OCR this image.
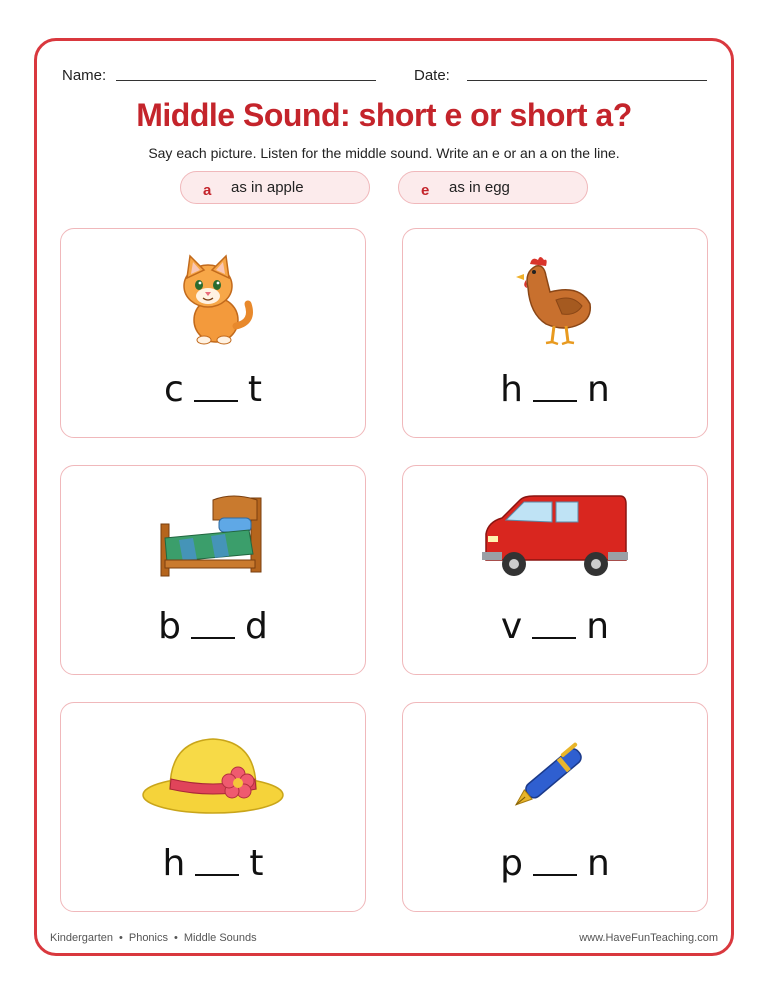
Name:	Date:
Middle Sound: short e or short a?
Say each picture. Listen for the middle sound. Write an e or an a on the line.
a as in apple	e as in egg
c t	h n
b d	v n
h t	p n
Kindergarten • Phonics • Middle Sounds	www.HaveFunTeaching.com
